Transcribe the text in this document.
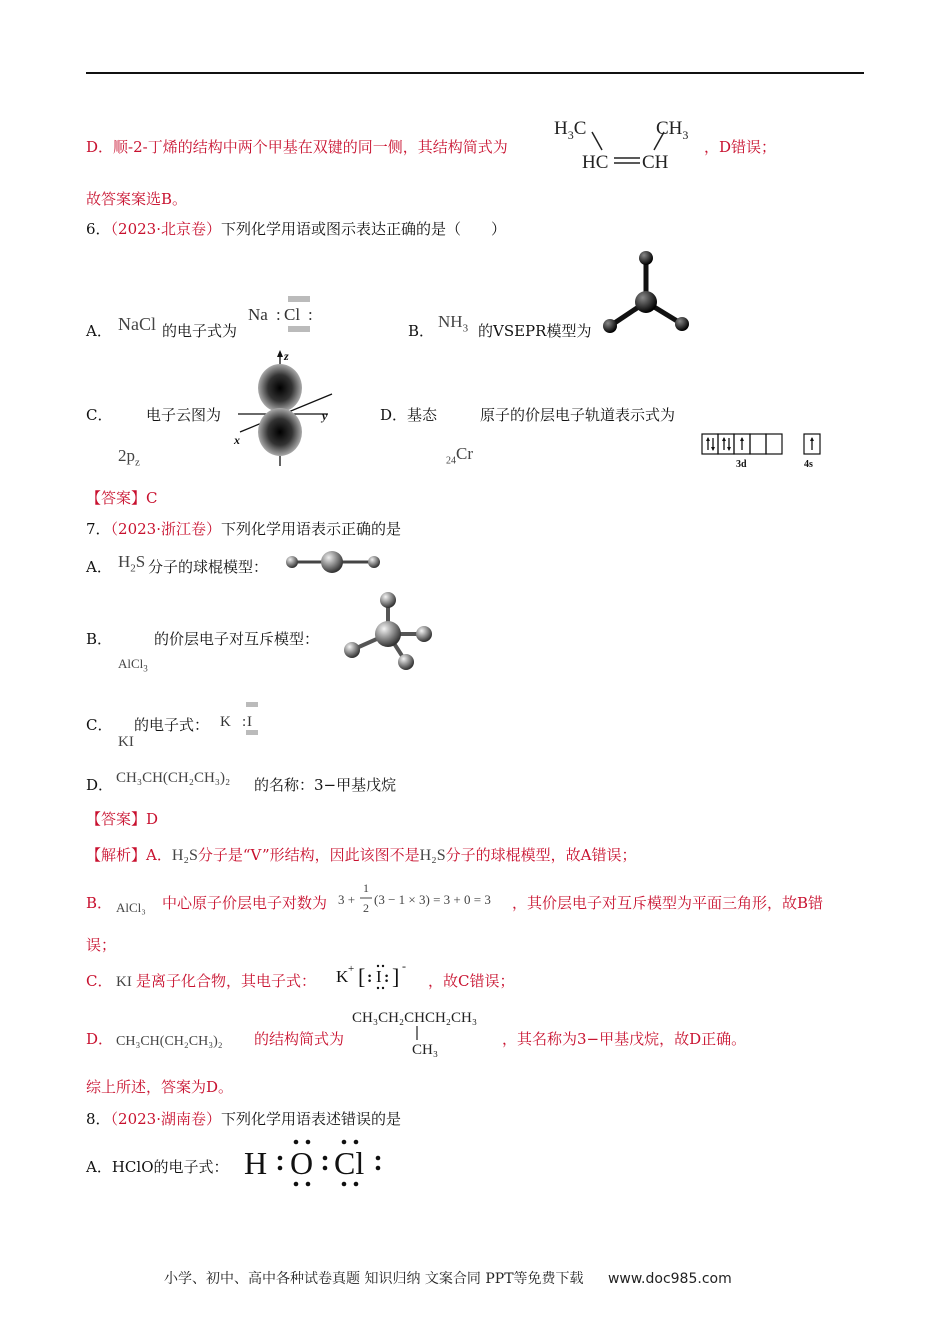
D．顺-2-丁烯的结构中两个甲基在双键的同一侧，其结构简式为
$H_3C$	$CH_3$
HC CH
，D错误；
故答案案选B。
6．（2023·北京卷）下列化学用语或图示表达正确的是（　　）
A． NaCl 的电子式为
Na : Cl :
B． $NH_3$ 的VSEPR模型为
C． 电子云图为
$2p_z$
z
y
x
D．基态	原子的价层电子轨道表示式为
$_{24}$Cr
3d	4s
【答案】C
7．（2023·浙江卷）下列化学用语表示正确的是
A． $H_2S$ 分子的球棍模型：
B．	的价层电子对互斥模型：
AlCl$_3$
C． 的电子式：
KI
K : I
D． CH₃CH(CH₂CH₃)₂ 的名称：3−甲基戊烷
【答案】D
【解析】A．H₂S分子是“V”形结构，因此该图不是H₂S分子的球棍模型，故A错误；
B． AlCl₃ 中心原子价层电子对数为 3 +
1
2
(3 − 1 × 3) = 3 + 0 = 3 ，其价层电子对互斥模型为平面三角形，故B错
误；
C． KI 是离子化合物，其电子式： K + [ : I : ] -
，故C错误；
D． CH₃CH(CH₂CH₃)₂ 的结构简式为
CH₃CH₂CHCH₂CH₃
CH₃
，其名称为3−甲基戊烷，故D正确。
综上所述，答案为D。
8．（2023·湖南卷）下列化学用语表述错误的是
A．HClO的电子式： H O Cl
小学、初中、高中各种试卷真题 知识归纳 文案合同 PPT等免费下载 www.doc985.com
